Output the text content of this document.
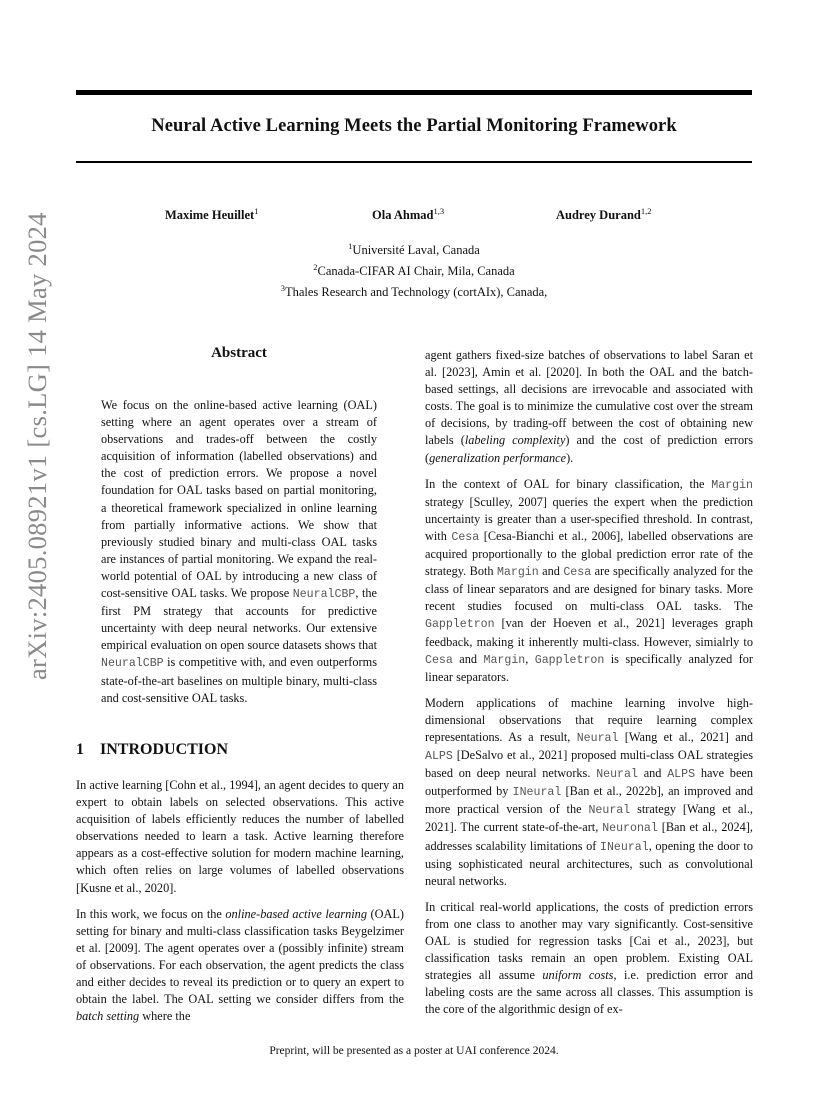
arXiv:2405.08921v1 [cs.LG] 14 May 2024
Neural Active Learning Meets the Partial Monitoring Framework
Maxime Heuillet$^1$	Ola Ahmad$^{1,3}$	Audrey Durand$^{1,2}$
$^1$Université Laval, Canada
$^2$Canada-CIFAR AI Chair, Mila, Canada
$^3$Thales Research and Technology (cortAIx), Canada,
Abstract

We focus on the online-based active learning (OAL) setting where an agent operates over a stream of observations and trades-off between the costly acquisition of information (labelled observations) and the cost of prediction errors. We propose a novel foundation for OAL tasks based on partial monitoring, a theoretical framework specialized in online learning from partially informative actions. We show that previously studied binary and multi-class OAL tasks are instances of partial monitoring. We expand the real-world potential of OAL by introducing a new class of cost-sensitive OAL tasks. We propose NeuralCBP, the first PM strategy that accounts for predictive uncertainty with deep neural networks. Our extensive empirical evaluation on open source datasets shows that NeuralCBP is competitive with, and even outperforms state-of-the-art baselines on multiple binary, multi-class and cost-sensitive OAL tasks.

1 INTRODUCTION

In active learning [Cohn et al., 1994], an agent decides to query an expert to obtain labels on selected observations. This active acquisition of labels efficiently reduces the number of labelled observations needed to learn a task. Active learning therefore appears as a cost-effective solution for modern machine learning, which often relies on large volumes of labelled observations [Kusne et al., 2020].

In this work, we focus on the online-based active learning (OAL) setting for binary and multi-class classification tasks Beygelzimer et al. [2009]. The agent operates over a (possibly infinite) stream of observations. For each observation, the agent predicts the class and either decides to reveal its prediction or to query an expert to obtain the label. The OAL setting we consider differs from the batch setting where the

agent gathers fixed-size batches of observations to label Saran et al. [2023], Amin et al. [2020]. In both the OAL and the batch-based settings, all decisions are irrevocable and associated with costs. The goal is to minimize the cumulative cost over the stream of decisions, by trading-off between the cost of obtaining new labels (labeling complexity) and the cost of prediction errors (generalization performance).

In the context of OAL for binary classification, the Margin strategy [Sculley, 2007] queries the expert when the prediction uncertainty is greater than a user-specified threshold. In contrast, with Cesa [Cesa-Bianchi et al., 2006], labelled observations are acquired proportionally to the global prediction error rate of the strategy. Both Margin and Cesa are specifically analyzed for the class of linear separators and are designed for binary tasks. More recent studies focused on multi-class OAL tasks. The Gappletron [van der Hoeven et al., 2021] leverages graph feedback, making it inherently multi-class. However, simialrly to Cesa and Margin, Gappletron is specifically analyzed for linear separators.

Modern applications of machine learning involve high-dimensional observations that require learning complex representations. As a result, Neural [Wang et al., 2021] and ALPS [DeSalvo et al., 2021] proposed multi-class OAL strategies based on deep neural networks. Neural and ALPS have been outperformed by INeural [Ban et al., 2022b], an improved and more practical version of the Neural strategy [Wang et al., 2021]. The current state-of-the-art, Neuronal [Ban et al., 2024], addresses scalability limitations of INeural, opening the door to using sophisticated neural architectures, such as convolutional neural networks.

In critical real-world applications, the costs of prediction errors from one class to another may vary significantly. Cost-sensitive OAL is studied for regression tasks [Cai et al., 2023], but classification tasks remain an open problem. Existing OAL strategies all assume uniform costs, i.e. prediction error and labeling costs are the same across all classes. This assumption is the core of the algorithmic design of ex-

Preprint, will be presented as a poster at UAI conference 2024.
